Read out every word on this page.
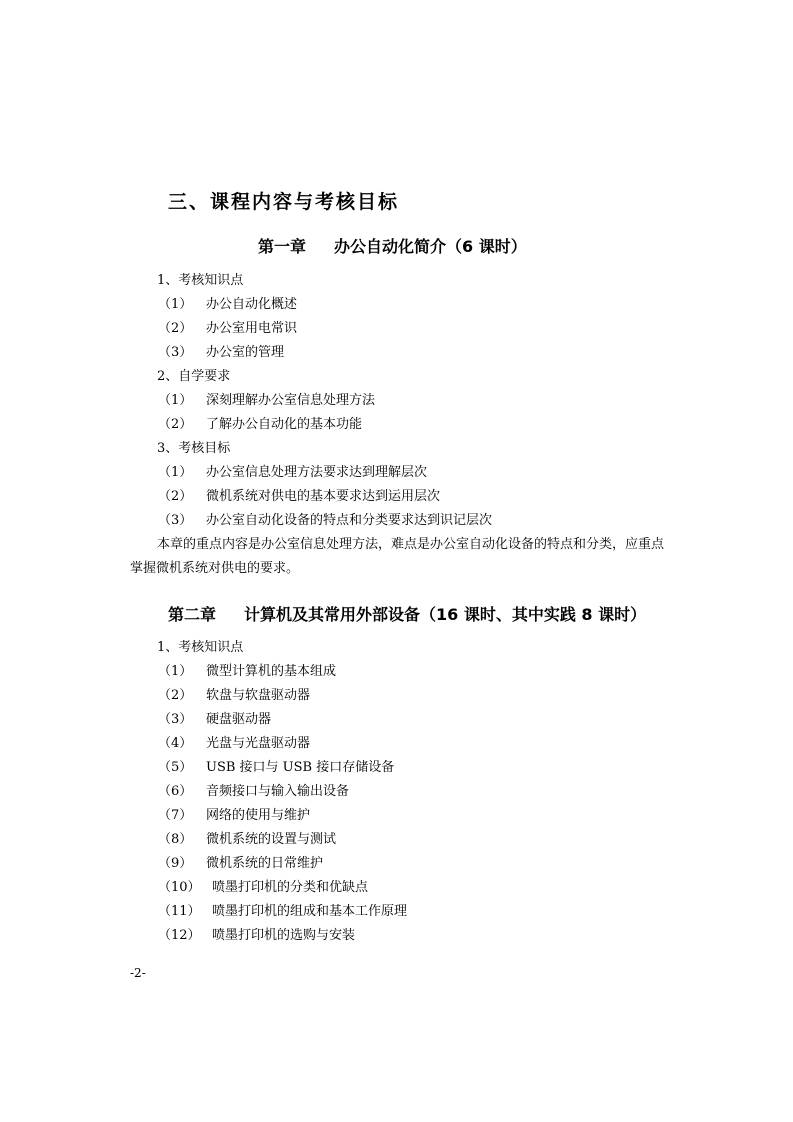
三、课程内容与考核目标
第一章 办公自动化简介（6 课时）
1、考核知识点
（1） 办公自动化概述
（2） 办公室用电常识
（3） 办公室的管理
2、自学要求
（1） 深刻理解办公室信息处理方法
（2） 了解办公自动化的基本功能
3、考核目标
（1） 办公室信息处理方法要求达到理解层次
（2） 微机系统对供电的基本要求达到运用层次
（3） 办公室自动化设备的特点和分类要求达到识记层次
本章的重点内容是办公室信息处理方法，难点是办公室自动化设备的特点和分类，应重点掌握微机系统对供电的要求。
第二章 计算机及其常用外部设备（16 课时、其中实践 8 课时）
1、考核知识点
（1） 微型计算机的基本组成
（2） 软盘与软盘驱动器
（3） 硬盘驱动器
（4） 光盘与光盘驱动器
（5） USB 接口与 USB 接口存储设备
（6） 音频接口与输入输出设备
（7） 网络的使用与维护
（8） 微机系统的设置与测试
（9） 微机系统的日常维护
（10） 喷墨打印机的分类和优缺点
（11） 喷墨打印机的组成和基本工作原理
（12） 喷墨打印机的选购与安装
-2-
